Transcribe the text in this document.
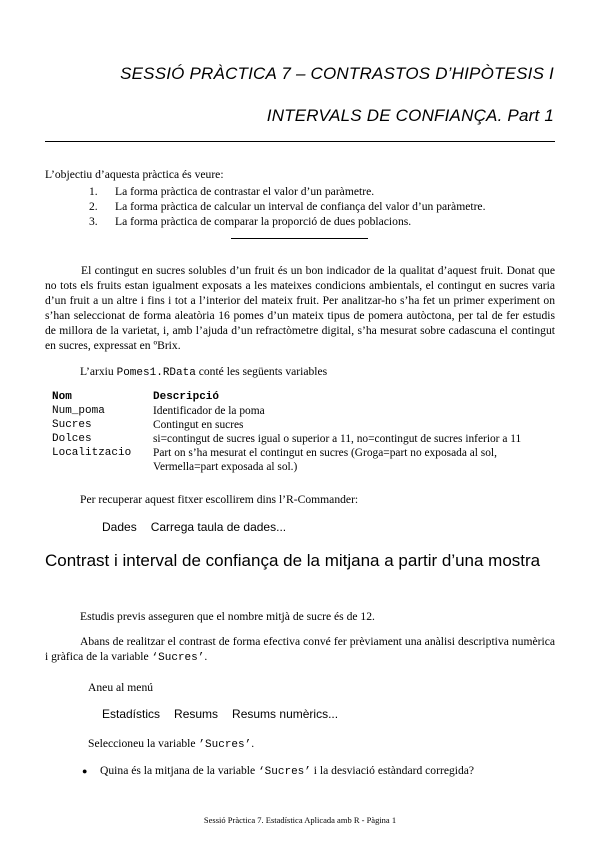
SESSIÓ PRÀCTICA 7 – CONTRASTOS D’HIPÒTESIS I
INTERVALS DE CONFIANÇA. Part 1
L’objectiu d’aquesta pràctica és veure:
1. La forma pràctica de contrastar el valor d’un paràmetre.
2. La forma pràctica de calcular un interval de confiança del valor d’un paràmetre.
3. La forma pràctica de comparar la proporció de dues poblacions.
El contingut en sucres solubles d’un fruit és un bon indicador de la qualitat d’aquest fruit. Donat que no tots els fruits estan igualment exposats a les mateixes condicions ambientals, el contingut en sucres varia d’un fruit a un altre i fins i tot a l’interior del mateix fruit. Per analitzar-ho s’ha fet un primer experiment on s’han seleccionat de forma aleatòria 16 pomes d’un mateix tipus de pomera autòctona, per tal de fer estudis de millora de la varietat, i, amb l’ajuda d’un refractòmetre digital, s’ha mesurat sobre cadascuna el contingut en sucres, expressat en ºBrix.
L’arxiu Pomes1.RData conté les següents variables
Nom	Descripció
Num_poma	Identificador de la poma
Sucres	Contingut en sucres
Dolces	si=contingut de sucres igual o superior a 11, no=contingut de sucres inferior a 11
Localitzacio	Part on s’ha mesurat el contingut en sucres (Groga=part no exposada al sol, Vermella=part exposada al sol.)
Per recuperar aquest fitxer escollirem dins l’R-Commander:
Dades Carrega taula de dades...
Contrast i interval de confiança de la mitjana a partir d’una mostra
Estudis previs asseguren que el nombre mitjà de sucre és de 12.
Abans de realitzar el contrast de forma efectiva convé fer prèviament una anàlisi descriptiva numèrica i gràfica de la variable ‘Sucres’.
Aneu al menú
Estadístics Resums Resums numèrics...
Seleccioneu la variable ’Sucres’.
● Quina és la mitjana de la variable ‘Sucres’ i la desviació estàndard corregida?
Sessió Pràctica 7. Estadística Aplicada amb R - Pàgina 1
